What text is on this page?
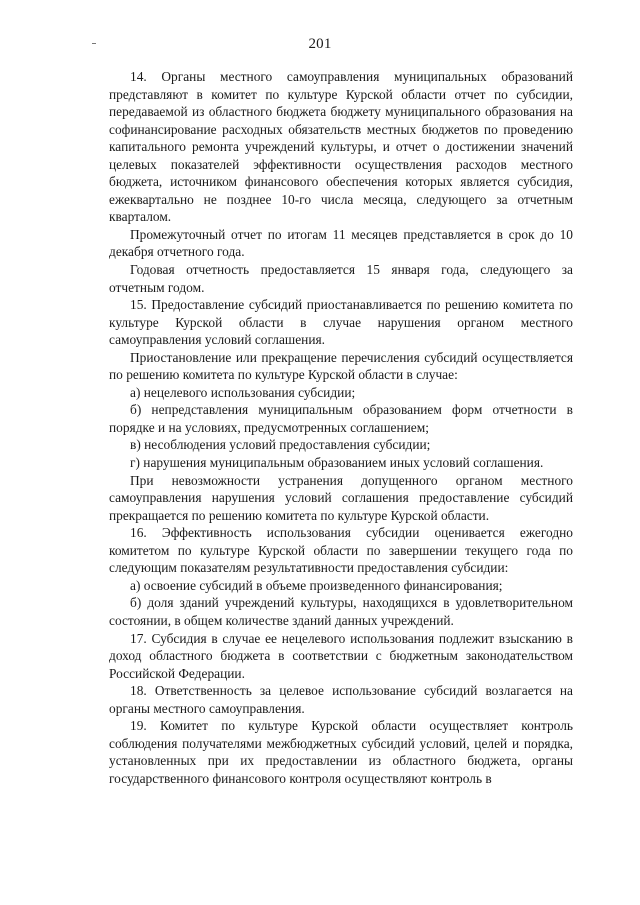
201

14. Органы местного самоуправления муниципальных образований представляют в комитет по культуре Курской области отчет по субсидии, передаваемой из областного бюджета бюджету муниципального образования на софинансирование расходных обязательств местных бюджетов по проведению капитального ремонта учреждений культуры, и отчет о достижении значений целевых показателей эффективности осуществления расходов местного бюджета, источником финансового обеспечения которых является субсидия, ежеквартально не позднее 10-го числа месяца, следующего за отчетным кварталом.

Промежуточный отчет по итогам 11 месяцев представляется в срок до 10 декабря отчетного года.

Годовая отчетность предоставляется 15 января года, следующего за отчетным годом.

15. Предоставление субсидий приостанавливается по решению комитета по культуре Курской области в случае нарушения органом местного самоуправления условий соглашения.

Приостановление или прекращение перечисления субсидий осуществляется по решению комитета по культуре Курской области в случае:

а) нецелевого использования субсидии;

б) непредставления муниципальным образованием форм отчетности в порядке и на условиях, предусмотренных соглашением;

в) несоблюдения условий предоставления субсидии;

г) нарушения муниципальным образованием иных условий соглашения.

При невозможности устранения допущенного органом местного самоуправления нарушения условий соглашения предоставление субсидий прекращается по решению комитета по культуре Курской области.

16. Эффективность использования субсидии оценивается ежегодно комитетом по культуре Курской области по завершении текущего года по следующим показателям результативности предоставления субсидии:

а) освоение субсидий в объеме произведенного финансирования;

б) доля зданий учреждений культуры, находящихся в удовлетворительном состоянии, в общем количестве зданий данных учреждений.

17. Субсидия в случае ее нецелевого использования подлежит взысканию в доход областного бюджета в соответствии с бюджетным законодательством Российской Федерации.

18. Ответственность за целевое использование субсидий возлагается на органы местного самоуправления.

19. Комитет по культуре Курской области осуществляет контроль соблюдения получателями межбюджетных субсидий условий, целей и порядка, установленных при их предоставлении из областного бюджета, органы государственного финансового контроля осуществляют контроль в
